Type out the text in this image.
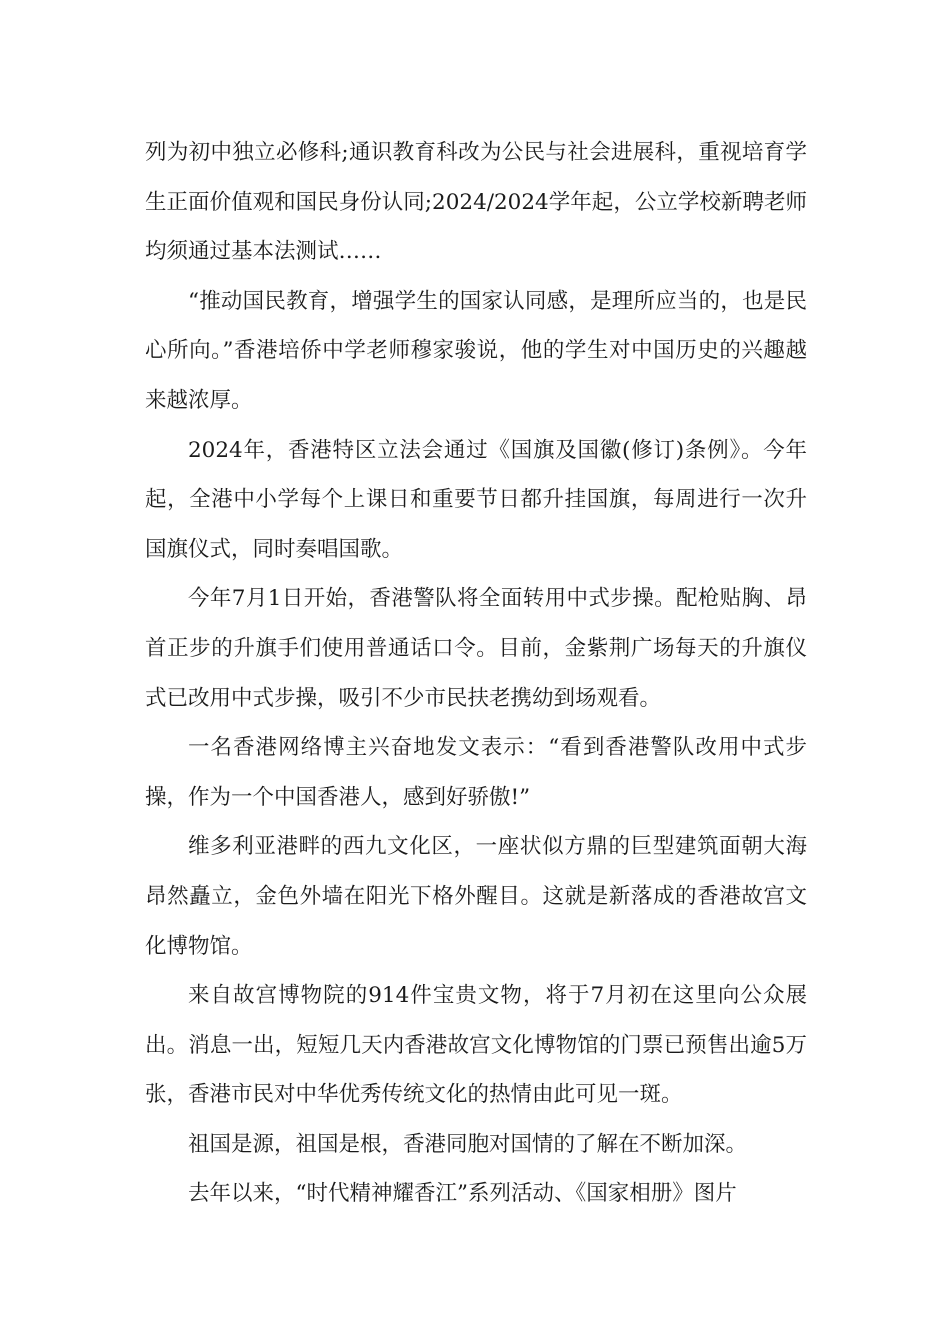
列为初中独立必修科;通识教育科改为公民与社会进展科，重视培育学生正面价值观和国民身份认同;2024/2024学年起，公立学校新聘老师均须通过基本法测试……

“推动国民教育，增强学生的国家认同感，是理所应当的，也是民心所向。”香港培侨中学老师穆家骏说，他的学生对中国历史的兴趣越来越浓厚。

2024年，香港特区立法会通过《国旗及国徽(修订)条例》。今年起，全港中小学每个上课日和重要节日都升挂国旗，每周进行一次升国旗仪式，同时奏唱国歌。

今年7月1日开始，香港警队将全面转用中式步操。配枪贴胸、昂首正步的升旗手们使用普通话口令。目前，金紫荆广场每天的升旗仪式已改用中式步操，吸引不少市民扶老携幼到场观看。

一名香港网络博主兴奋地发文表示：“看到香港警队改用中式步操，作为一个中国香港人，感到好骄傲!”

维多利亚港畔的西九文化区，一座状似方鼎的巨型建筑面朝大海昂然矗立，金色外墙在阳光下格外醒目。这就是新落成的香港故宫文化博物馆。

来自故宫博物院的914件宝贵文物，将于7月初在这里向公众展出。消息一出，短短几天内香港故宫文化博物馆的门票已预售出逾5万张，香港市民对中华优秀传统文化的热情由此可见一斑。

祖国是源，祖国是根，香港同胞对国情的了解在不断加深。

去年以来，“时代精神耀香江”系列活动、《国家相册》图片
